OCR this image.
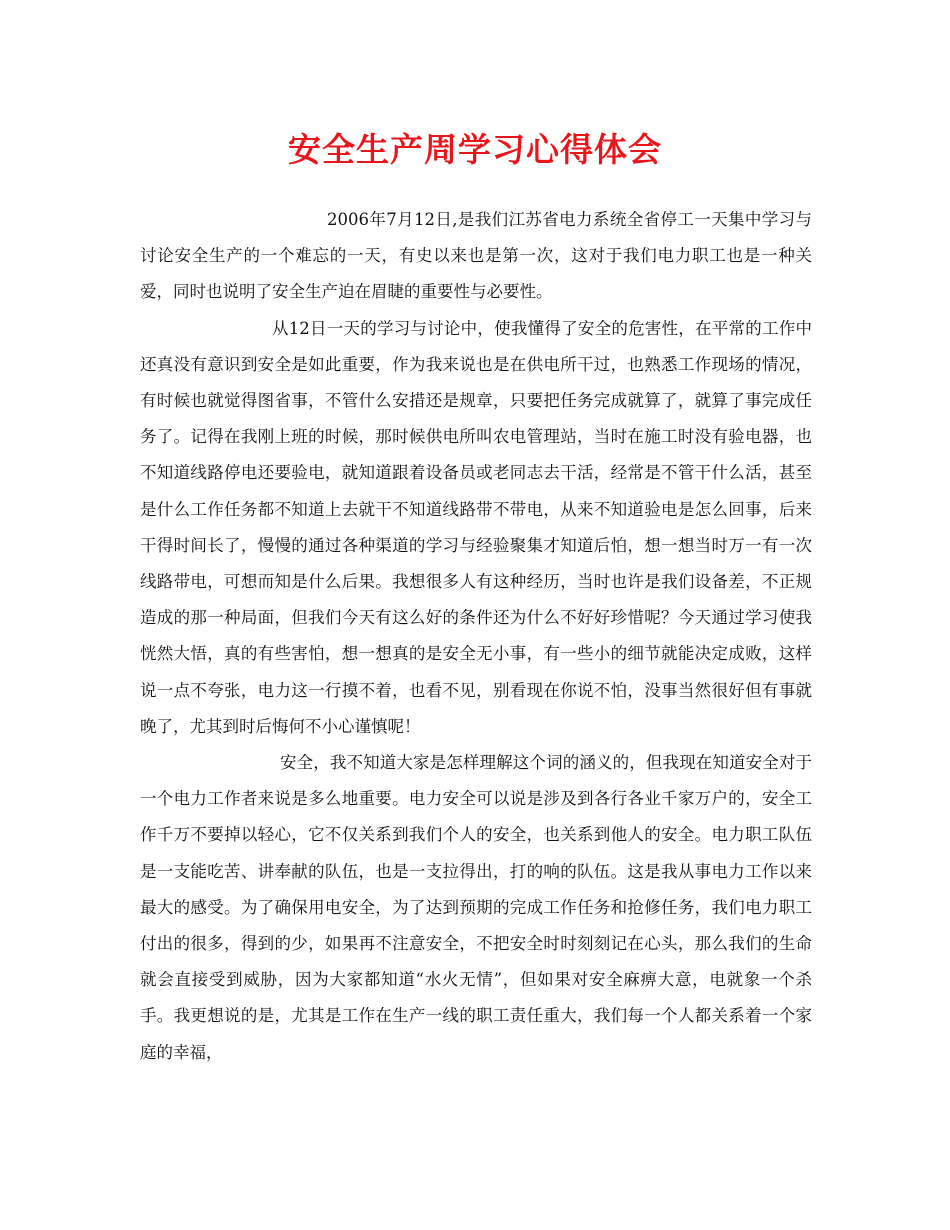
安全生产周学习心得体会

2006年7月12日,是我们江苏省电力系统全省停工一天集中学习与讨论安全生产的一个难忘的一天，有史以来也是第一次，这对于我们电力职工也是一种关爱，同时也说明了安全生产迫在眉睫的重要性与必要性。

从12日一天的学习与讨论中，使我懂得了安全的危害性，在平常的工作中还真没有意识到安全是如此重要，作为我来说也是在供电所干过，也熟悉工作现场的情况，有时候也就觉得图省事，不管什么安措还是规章，只要把任务完成就算了，就算了事完成任务了。记得在我刚上班的时候，那时候供电所叫农电管理站，当时在施工时没有验电器，也不知道线路停电还要验电，就知道跟着设备员或老同志去干活，经常是不管干什么活，甚至是什么工作任务都不知道上去就干不知道线路带不带电，从来不知道验电是怎么回事，后来干得时间长了，慢慢的通过各种渠道的学习与经验聚集才知道后怕，想一想当时万一有一次线路带电，可想而知是什么后果。我想很多人有这种经历，当时也许是我们设备差，不正规造成的那一种局面，但我们今天有这么好的条件还为什么不好好珍惜呢？今天通过学习使我恍然大悟，真的有些害怕，想一想真的是安全无小事，有一些小的细节就能决定成败，这样说一点不夸张，电力这一行摸不着，也看不见，别看现在你说不怕，没事当然很好但有事就晚了，尤其到时后悔何不小心谨慎呢！

安全，我不知道大家是怎样理解这个词的涵义的，但我现在知道安全对于一个电力工作者来说是多么地重要。电力安全可以说是涉及到各行各业千家万户的，安全工作千万不要掉以轻心，它不仅关系到我们个人的安全，也关系到他人的安全。电力职工队伍是一支能吃苦、讲奉献的队伍，也是一支拉得出，打的响的队伍。这是我从事电力工作以来最大的感受。为了确保用电安全，为了达到预期的完成工作任务和抢修任务，我们电力职工付出的很多，得到的少，如果再不注意安全，不把安全时时刻刻记在心头，那么我们的生命就会直接受到威胁，因为大家都知道“水火无情”，但如果对安全麻痹大意，电就象一个杀手。我更想说的是，尤其是工作在生产一线的职工责任重大，我们每一个人都关系着一个家庭的幸福，
